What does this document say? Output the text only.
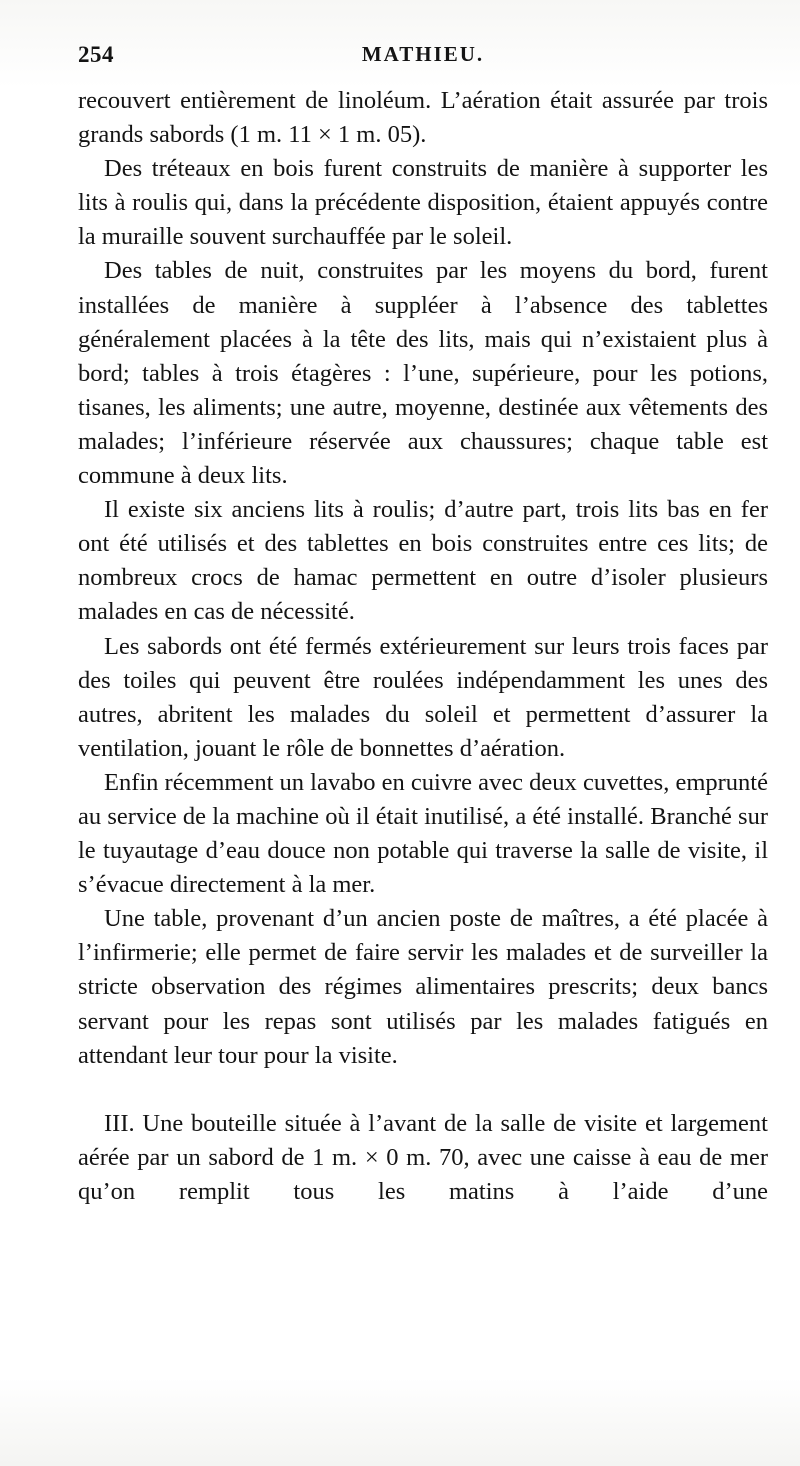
254	MATHIEU.

recouvert entièrement de linoléum. L’aération était assurée par trois grands sabords (1 m. 11 × 1 m. 05).

Des tréteaux en bois furent construits de manière à supporter les lits à roulis qui, dans la précédente disposition, étaient appuyés contre la muraille souvent surchauffée par le soleil.

Des tables de nuit, construites par les moyens du bord, furent installées de manière à suppléer à l’absence des tablettes généralement placées à la tête des lits, mais qui n’existaient plus à bord; tables à trois étagères : l’une, supérieure, pour les potions, tisanes, les aliments; une autre, moyenne, destinée aux vêtements des malades; l’inférieure réservée aux chaussures; chaque table est commune à deux lits.

Il existe six anciens lits à roulis; d’autre part, trois lits bas en fer ont été utilisés et des tablettes en bois construites entre ces lits; de nombreux crocs de hamac permettent en outre d’isoler plusieurs malades en cas de nécessité.

Les sabords ont été fermés extérieurement sur leurs trois faces par des toiles qui peuvent être roulées indépendamment les unes des autres, abritent les malades du soleil et permettent d’assurer la ventilation, jouant le rôle de bonnettes d’aération.

Enfin récemment un lavabo en cuivre avec deux cuvettes, emprunté au service de la machine où il était inutilisé, a été installé. Branché sur le tuyautage d’eau douce non potable qui traverse la salle de visite, il s’évacue directement à la mer.

Une table, provenant d’un ancien poste de maîtres, a été placée à l’infirmerie; elle permet de faire servir les malades et de surveiller la stricte observation des régimes alimentaires prescrits; deux bancs servant pour les repas sont utilisés par les malades fatigués en attendant leur tour pour la visite.

III. Une bouteille située à l’avant de la salle de visite et largement aérée par un sabord de 1 m. × 0 m. 70, avec une caisse à eau de mer qu’on remplit tous les matins à l’aide d’une
